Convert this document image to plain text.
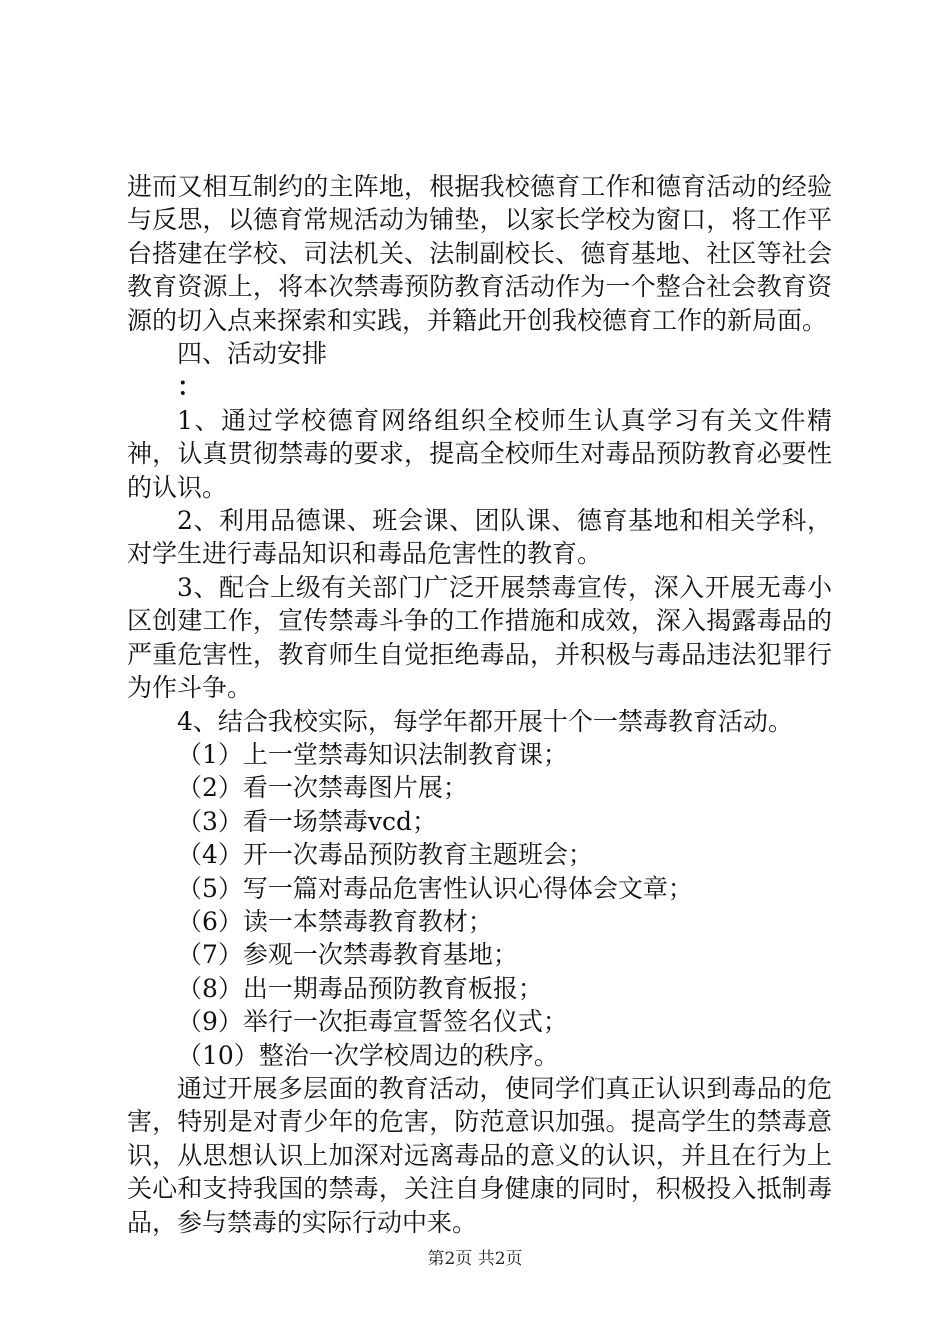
进而又相互制约的主阵地，根据我校德育工作和德育活动的经验与反思，以德育常规活动为铺垫，以家长学校为窗口，将工作平台搭建在学校、司法机关、法制副校长、德育基地、社区等社会教育资源上，将本次禁毒预防教育活动作为一个整合社会教育资源的切入点来探索和实践，并籍此开创我校德育工作的新局面。

四、活动安排

：

1、通过学校德育网络组织全校师生认真学习有关文件精神，认真贯彻禁毒的要求，提高全校师生对毒品预防教育必要性的认识。

2、利用品德课、班会课、团队课、德育基地和相关学科，对学生进行毒品知识和毒品危害性的教育。

3、配合上级有关部门广泛开展禁毒宣传，深入开展无毒小区创建工作，宣传禁毒斗争的工作措施和成效，深入揭露毒品的严重危害性，教育师生自觉拒绝毒品，并积极与毒品违法犯罪行为作斗争。

4、结合我校实际，每学年都开展十个一禁毒教育活动。

（1）上一堂禁毒知识法制教育课；

（2）看一次禁毒图片展；

（3）看一场禁毒vcd；

（4）开一次毒品预防教育主题班会；

（5）写一篇对毒品危害性认识心得体会文章；

（6）读一本禁毒教育教材；

（7）参观一次禁毒教育基地；

（8）出一期毒品预防教育板报；

（9）举行一次拒毒宣誓签名仪式；

（10）整治一次学校周边的秩序。

通过开展多层面的教育活动，使同学们真正认识到毒品的危害，特别是对青少年的危害，防范意识加强。提高学生的禁毒意识，从思想认识上加深对远离毒品的意义的认识，并且在行为上关心和支持我国的禁毒，关注自身健康的同时，积极投入抵制毒品，参与禁毒的实际行动中来。

第2页 共2页
